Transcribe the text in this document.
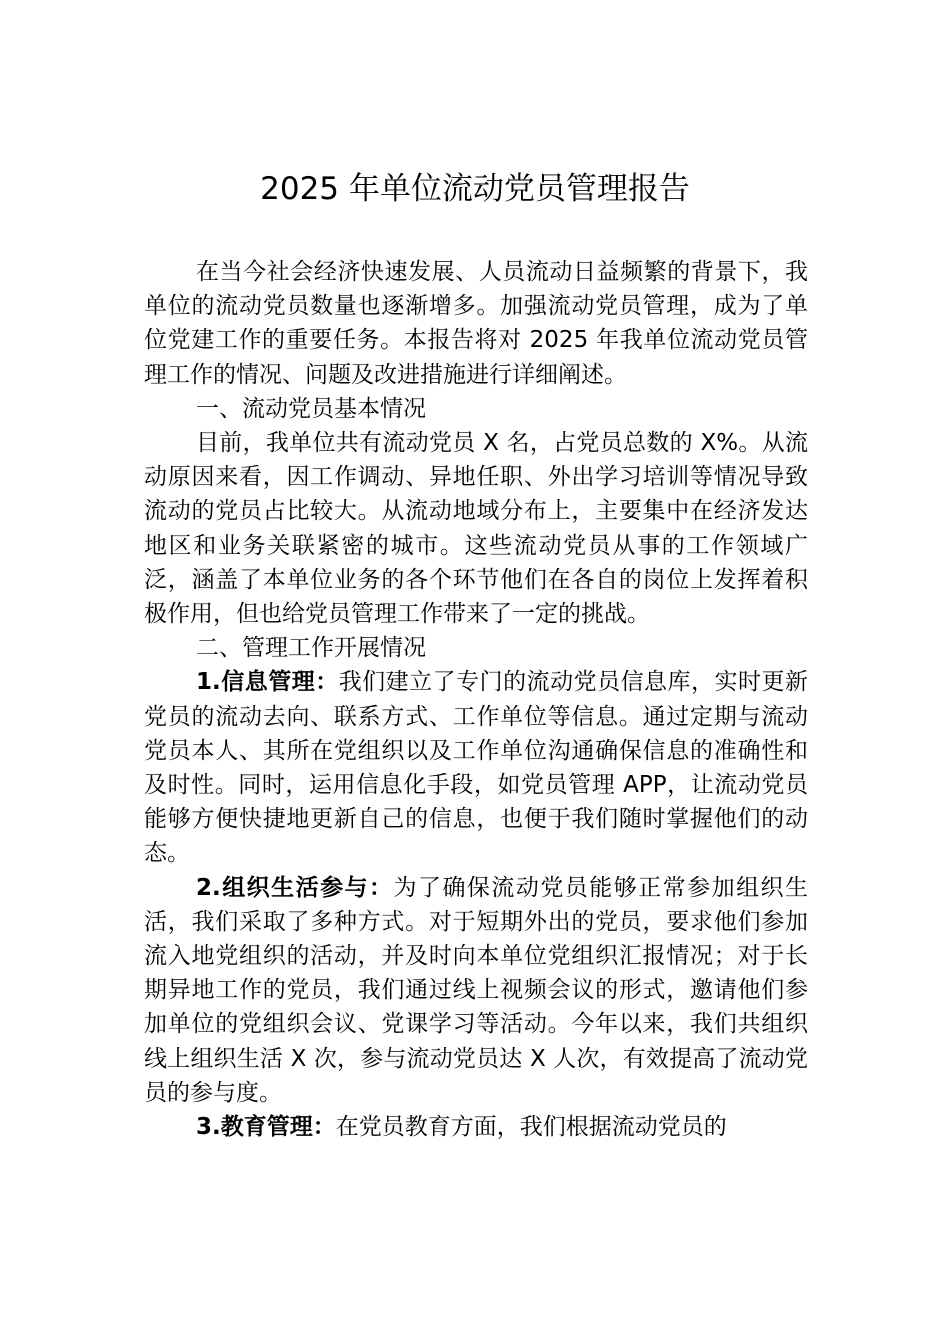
2025 年单位流动党员管理报告

在当今社会经济快速发展、人员流动日益频繁的背景下，我单位的流动党员数量也逐渐增多。加强流动党员管理，成为了单位党建工作的重要任务。本报告将对 2025 年我单位流动党员管理工作的情况、问题及改进措施进行详细阐述。

一、流动党员基本情况

目前，我单位共有流动党员 X 名，占党员总数的 X%。从流动原因来看，因工作调动、异地任职、外出学习培训等情况导致流动的党员占比较大。从流动地域分布上，主要集中在经济发达地区和业务关联紧密的城市。这些流动党员从事的工作领域广泛，涵盖了本单位业务的各个环节他们在各自的岗位上发挥着积极作用，但也给党员管理工作带来了一定的挑战。

二、管理工作开展情况

1.信息管理：我们建立了专门的流动党员信息库，实时更新党员的流动去向、联系方式、工作单位等信息。通过定期与流动党员本人、其所在党组织以及工作单位沟通确保信息的准确性和及时性。同时，运用信息化手段，如党员管理 APP，让流动党员能够方便快捷地更新自己的信息，也便于我们随时掌握他们的动态。

2.组织生活参与：为了确保流动党员能够正常参加组织生活，我们采取了多种方式。对于短期外出的党员，要求他们参加流入地党组织的活动，并及时向本单位党组织汇报情况；对于长期异地工作的党员，我们通过线上视频会议的形式，邀请他们参加单位的党组织会议、党课学习等活动。今年以来，我们共组织线上组织生活 X 次，参与流动党员达 X 人次，有效提高了流动党员的参与度。

3.教育管理：在党员教育方面，我们根据流动党员的
